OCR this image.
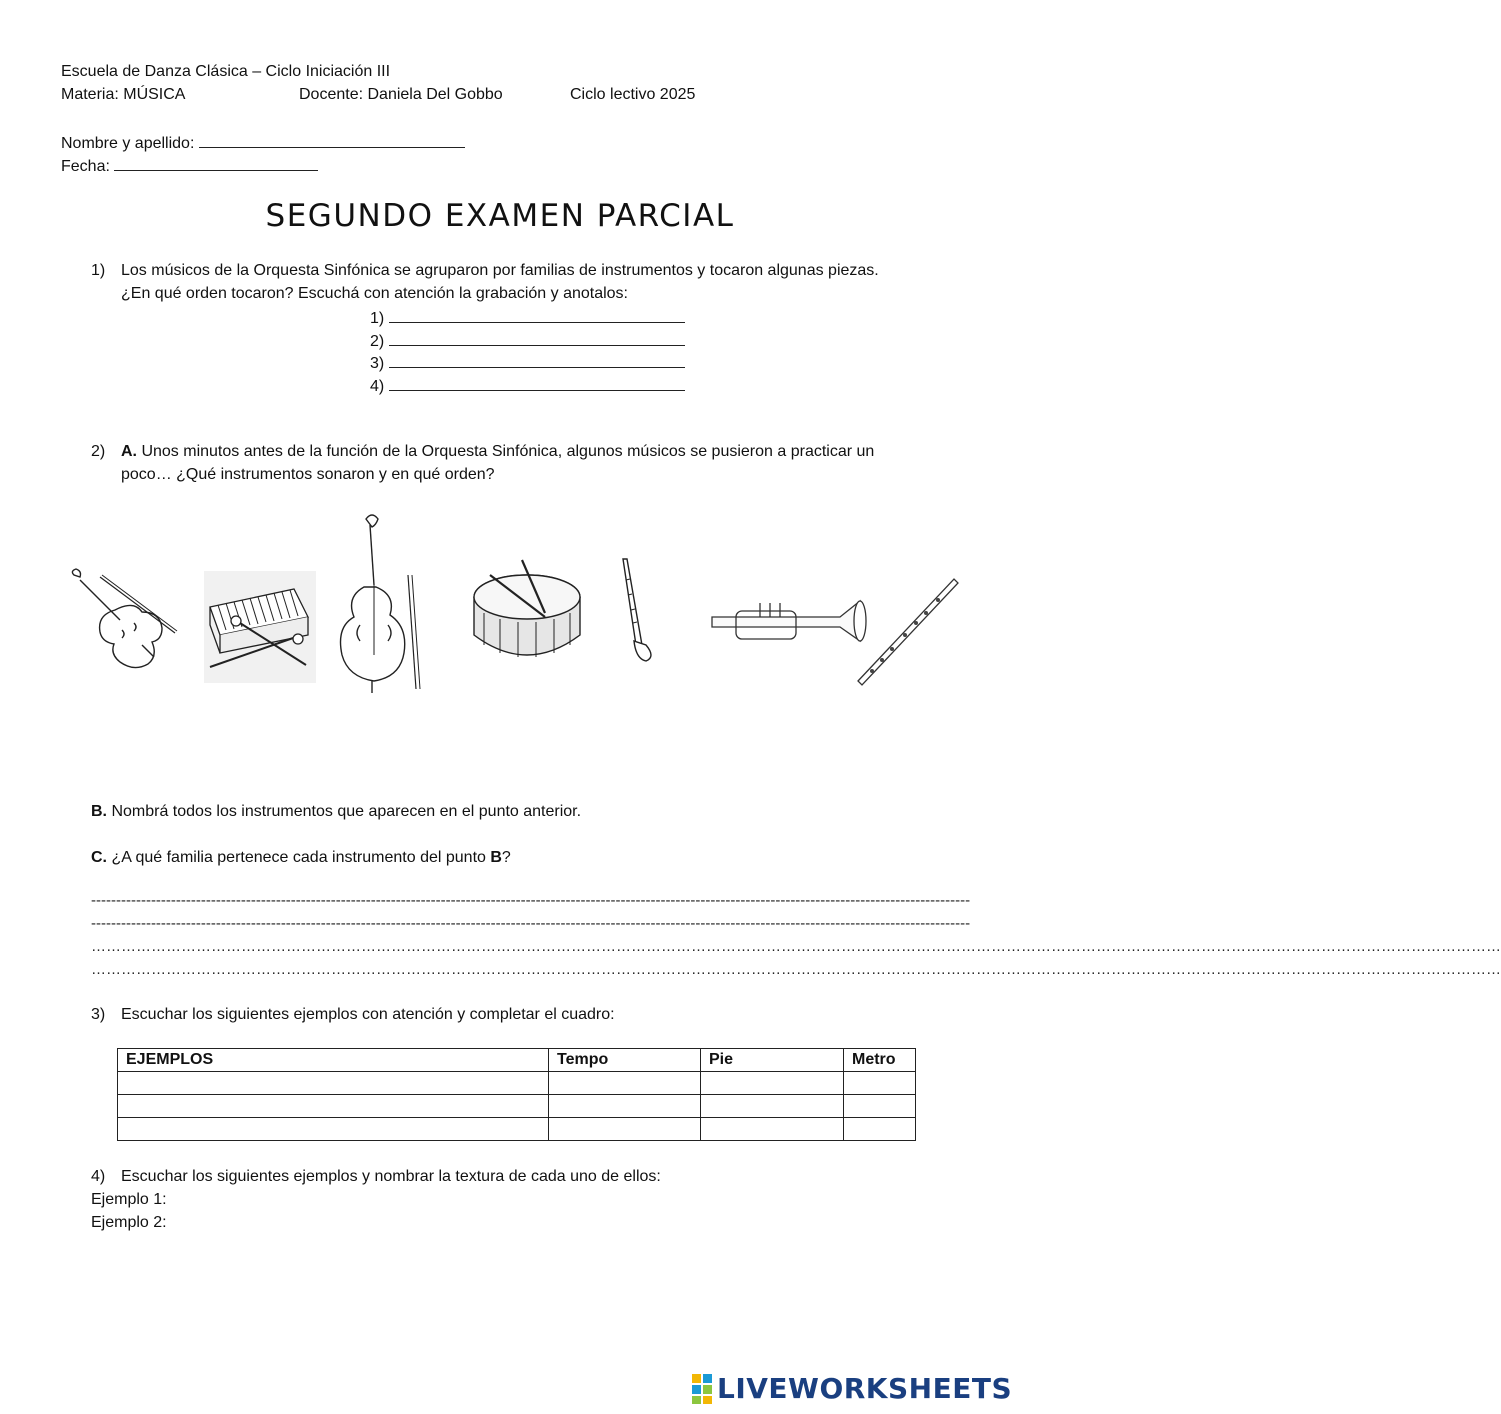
Escuela de Danza Clásica – Ciclo Iniciación III
Materia: MÚSICA	Docente: Daniela Del Gobbo	Ciclo lectivo 2025
Nombre y apellido:
Fecha:
SEGUNDO EXAMEN PARCIAL
1) Los músicos de la Orquesta Sinfónica se agruparon por familias de instrumentos y tocaron algunas piezas.
¿En qué orden tocaron? Escuchá con atención la grabación y anotalos:
1)
2)
3)
4)
2) A. Unos minutos antes de la función de la Orquesta Sinfónica, algunos músicos se pusieron a practicar un
poco… ¿Qué instrumentos sonaron y en qué orden?
B. Nombrá todos los instrumentos que aparecen en el punto anterior.
C. ¿A qué familia pertenece cada instrumento del punto B?
--------------------------------------------------------------------------------------------------------------------------------------------------------------------------------
--------------------------------------------------------------------------------------------------------------------------------------------------------------------------------
…………………………………………………………………………………………………………………………………………………………………………………………………………………………………………………………
…………………………………………………………………………………………………………………………………………………………………………………………………………………………………………………………
3) Escuchar los siguientes ejemplos con atención y completar el cuadro:
EJEMPLOS	Tempo	Pie	Metro

4) Escuchar los siguientes ejemplos y nombrar la textura de cada uno de ellos:
Ejemplo 1:
Ejemplo 2:
LIVEWORKSHEETS
